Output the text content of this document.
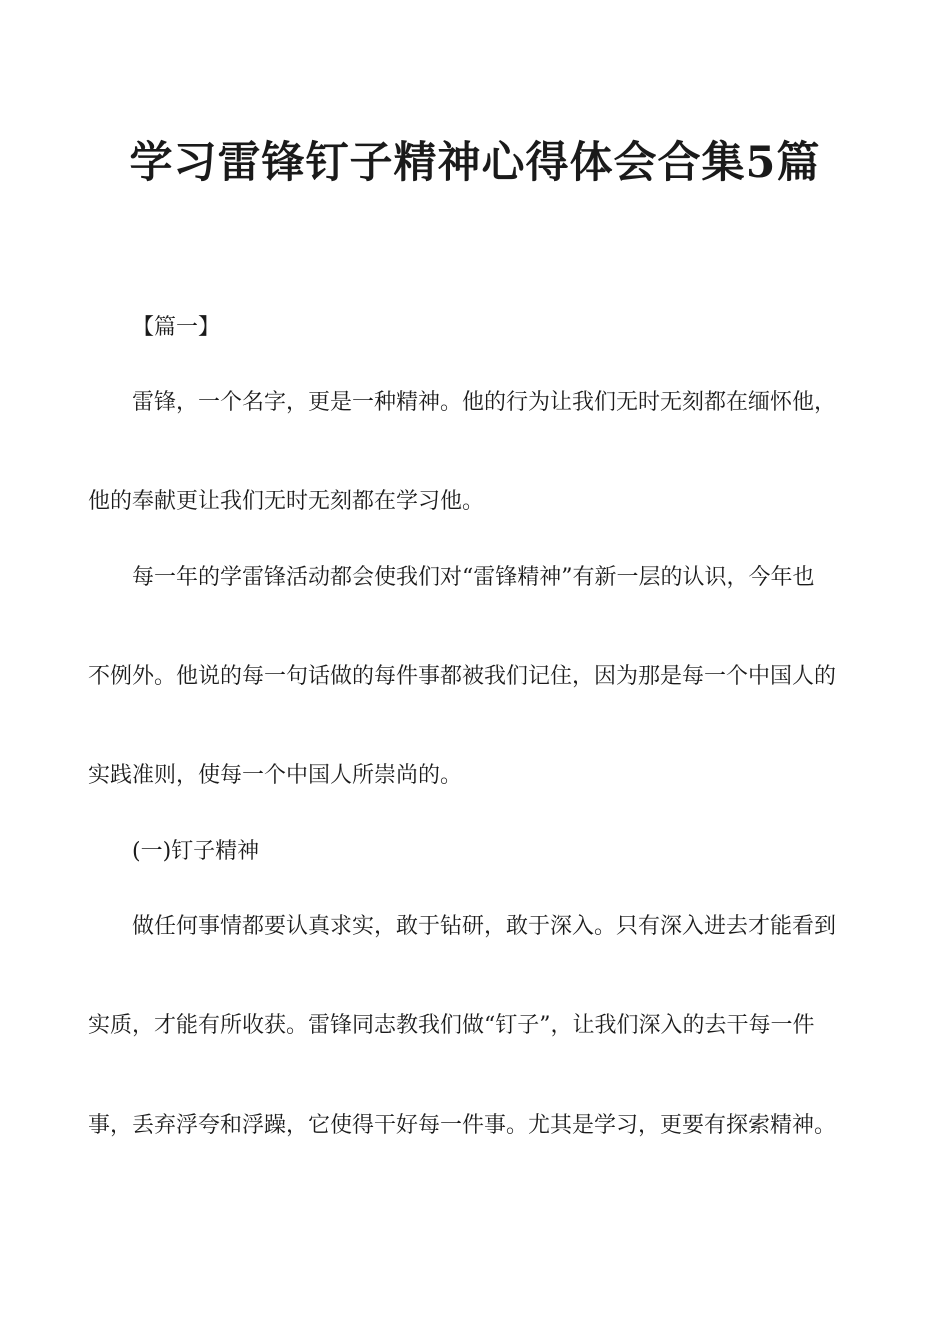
学习雷锋钉子精神心得体会合集5篇
【篇一】
雷锋，一个名字，更是一种精神。他的行为让我们无时无刻都在缅怀他，
他的奉献更让我们无时无刻都在学习他。
每一年的学雷锋活动都会使我们对“雷锋精神”有新一层的认识，今年也
不例外。他说的每一句话做的每件事都被我们记住，因为那是每一个中国人的
实践准则，使每一个中国人所崇尚的。
(一)钉子精神
做任何事情都要认真求实，敢于钻研，敢于深入。只有深入进去才能看到
实质，才能有所收获。雷锋同志教我们做“钉子”，让我们深入的去干每一件
事，丢弃浮夸和浮躁，它使得干好每一件事。尤其是学习，更要有探索精神。
